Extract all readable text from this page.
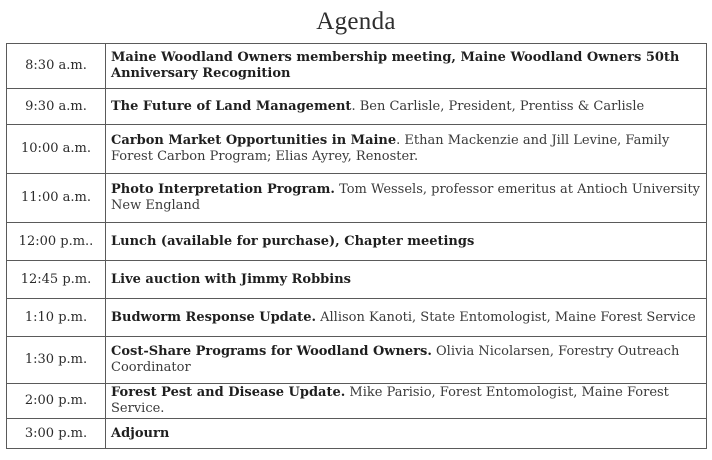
Agenda
8:30 a.m.	Maine Woodland Owners membership meeting, Maine Woodland Owners 50th Anniversary Recognition
9:30 a.m.	The Future of Land Management. Ben Carlisle, President, Prentiss & Carlisle
10:00 a.m.	Carbon Market Opportunities in Maine. Ethan Mackenzie and Jill Levine, Family Forest Carbon Program; Elias Ayrey, Renoster.
11:00 a.m.	Photo Interpretation Program. Tom Wessels, professor emeritus at Antioch University New England
12:00 p.m..	Lunch (available for purchase), Chapter meetings
12:45 p.m.	Live auction with Jimmy Robbins
1:10 p.m.	Budworm Response Update. Allison Kanoti, State Entomologist, Maine Forest Service
1:30 p.m.	Cost-Share Programs for Woodland Owners. Olivia Nicolarsen, Forestry Outreach Coordinator
2:00 p.m.	Forest Pest and Disease Update. Mike Parisio, Forest Entomologist, Maine Forest Service.
3:00 p.m.	Adjourn
